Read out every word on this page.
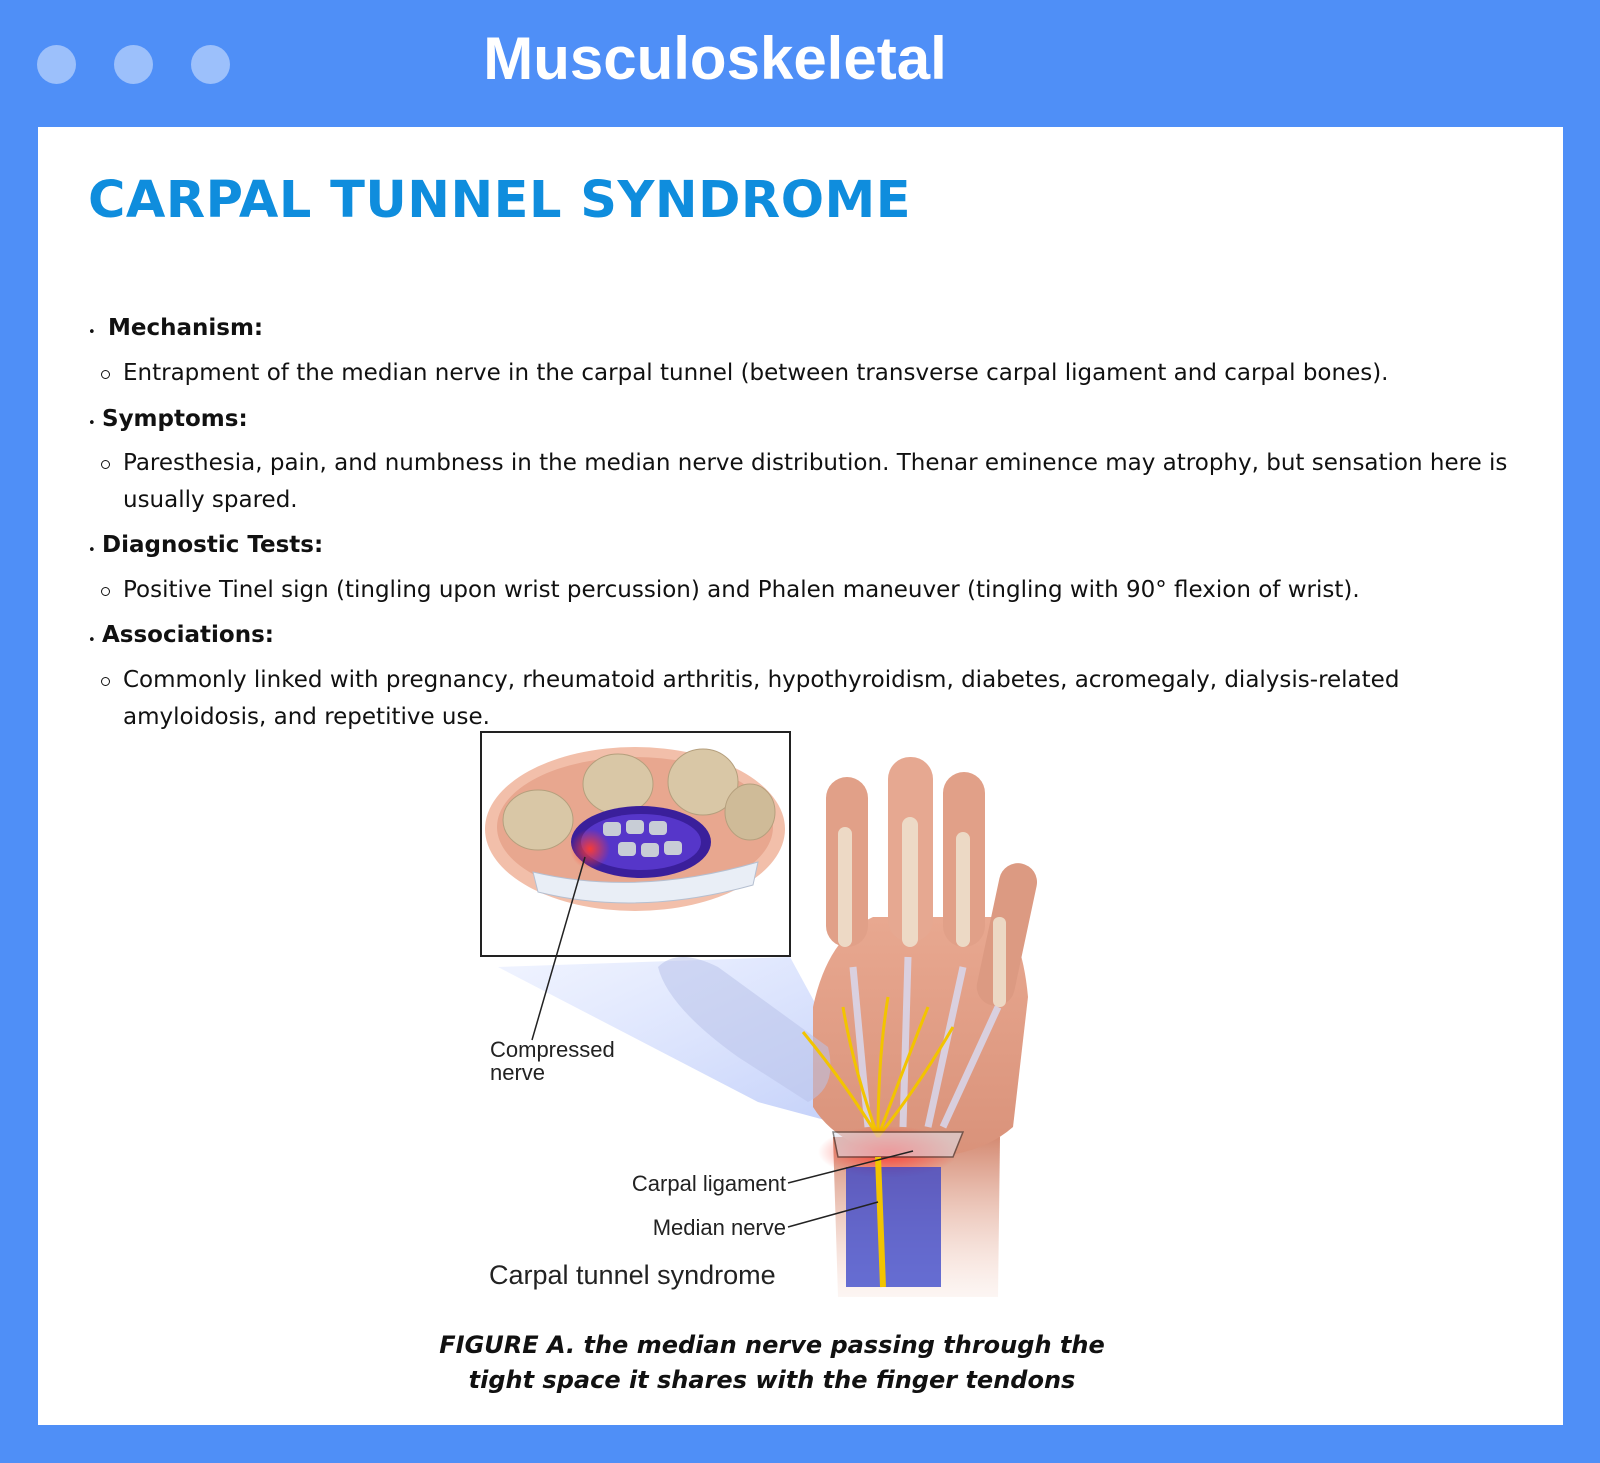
Musculoskeletal
CARPAL TUNNEL SYNDROME
• Mechanism:
Entrapment of the median nerve in the carpal tunnel (between transverse carpal ligament and carpal bones).
• Symptoms:
Paresthesia, pain, and numbness in the median nerve distribution. Thenar eminence may atrophy, but sensation here is usually spared.
• Diagnostic Tests:
Positive Tinel sign (tingling upon wrist percussion) and Phalen maneuver (tingling with 90° flexion of wrist).
• Associations:
Commonly linked with pregnancy, rheumatoid arthritis, hypothyroidism, diabetes, acromegaly, dialysis-related amyloidosis, and repetitive use.
Compressed
nerve
Carpal ligament
Median nerve
Carpal tunnel syndrome
FIGURE A. the median nerve passing through the tight space it shares with the finger tendons
